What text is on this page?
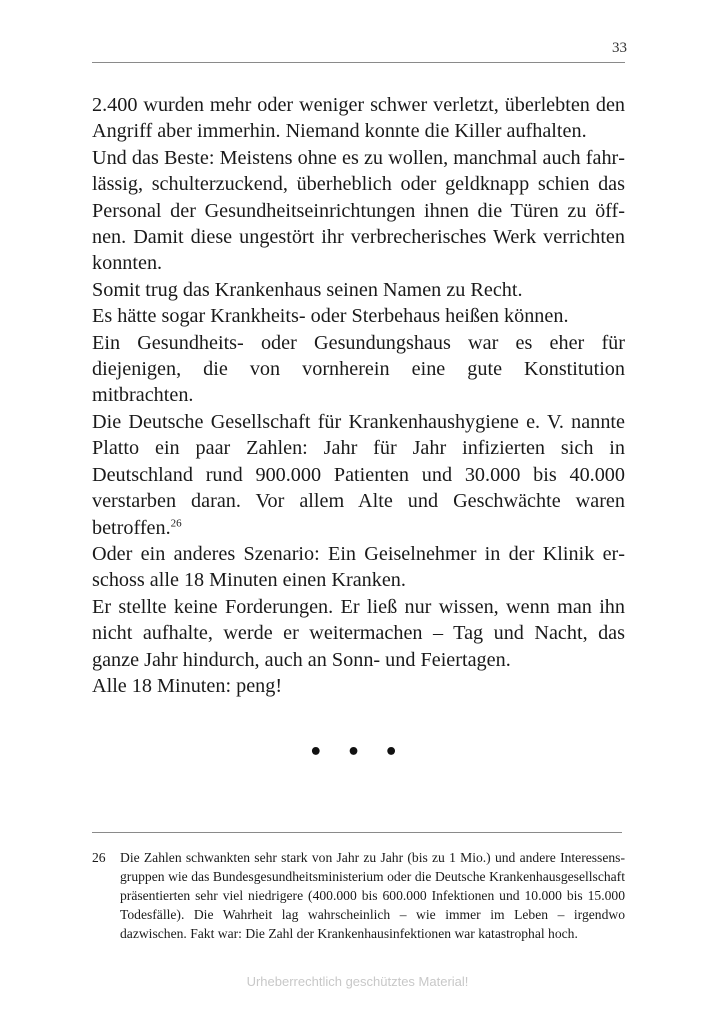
33

2.400 wurden mehr oder weniger schwer verletzt, überlebten den Angriff aber immerhin. Niemand konnte die Killer aufhalten.

Und das Beste: Meistens ohne es zu wollen, manchmal auch fahrlässig, schulterzuckend, überheblich oder geldknapp schien das Personal der Gesundheitseinrichtungen ihnen die Türen zu öffnen. Damit diese ungestört ihr verbrecherisches Werk verrichten konnten.

Somit trug das Krankenhaus seinen Namen zu Recht.

Es hätte sogar Krankheits- oder Sterbehaus heißen können.

Ein Gesundheits- oder Gesundungshaus war es eher für diejenigen, die von vornherein eine gute Konstitution mitbrachten.

Die Deutsche Gesellschaft für Krankenhaushygiene e. V. nannte Platto ein paar Zahlen: Jahr für Jahr infizierten sich in Deutschland rund 900.000 Patienten und 30.000 bis 40.000 verstarben daran. Vor allem Alte und Geschwächte waren betroffen.$^{26}$

Oder ein anderes Szenario: Ein Geiselnehmer in der Klinik erschoss alle 18 Minuten einen Kranken.

Er stellte keine Forderungen. Er ließ nur wissen, wenn man ihn nicht aufhalte, werde er weitermachen – Tag und Nacht, das ganze Jahr hindurch, auch an Sonn- und Feiertagen.

Alle 18 Minuten: peng!

• • •
26	Die Zahlen schwankten sehr stark von Jahr zu Jahr (bis zu 1 Mio.) und andere Interessensgruppen wie das Bundesgesundheitsministerium oder die Deutsche Krankenhausgesellschaft präsentierten sehr viel niedrigere (400.000 bis 600.000 Infektionen und 10.000 bis 15.000 Todesfälle). Die Wahrheit lag wahrscheinlich – wie immer im Leben – irgendwo dazwischen. Fakt war: Die Zahl der Krankenhausinfektionen war katastrophal hoch.
Urheberrechtlich geschütztes Material!
